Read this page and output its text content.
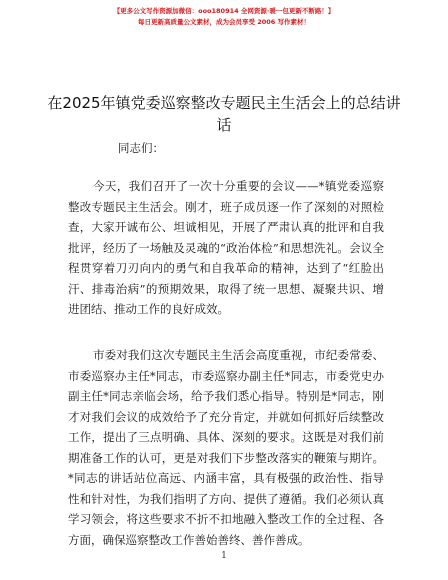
【更多公文写作资源加微信：ooo180914 全网资源·暖一包更新不断路！】
每日更新高质量公文素材，成为会员享受 2006 写作素材！
在2025年镇党委巡察整改专题民主生活会上的总结讲话

同志们：

今天，我们召开了一次十分重要的会议——*镇党委巡察整改专题民主生活会。刚才，班子成员逐一作了深刻的对照检查，大家开诚布公、坦诚相见，开展了严肃认真的批评和自我批评，经历了一场触及灵魂的“政治体检”和思想洗礼。会议全程贯穿着刀刃向内的勇气和自我革命的精神，达到了“红脸出汗、排毒治病”的预期效果，取得了统一思想、凝聚共识、增进团结、推动工作的良好成效。

市委对我们这次专题民主生活会高度重视，市纪委常委、市委巡察办主任*同志，市委巡察办副主任*同志，市委党史办副主任*同志亲临会场，给予我们悉心指导。特别是*同志，刚才对我们会议的成效给予了充分肯定，并就如何抓好后续整改工作，提出了三点明确、具体、深刻的要求。这既是对我们前期准备工作的认可，更是对我们下步整改落实的鞭策与期许。*同志的讲话站位高远、内涵丰富，具有极强的政治性、指导性和针对性，为我们指明了方向、提供了遵循。我们必须认真学习领会，将这些要求不折不扣地融入整改工作的全过程、各方面，确保巡察整改工作善始善终、善作善成。

1
